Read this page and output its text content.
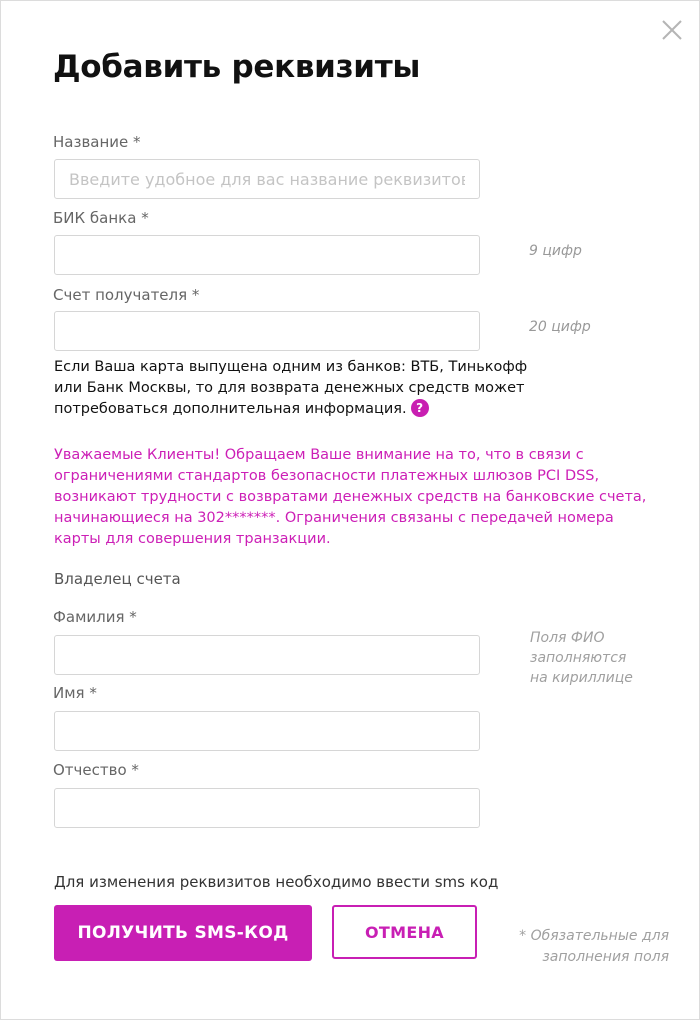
Добавить реквизиты
Название *
Введите удобное для вас название реквизитов
БИК банка *
9 цифр
Счет получателя *
20 цифр
Если Ваша карта выпущена одним из банков: ВТБ, Тинькофф
или Банк Москвы, то для возврата денежных средств может
потребоваться дополнительная информация. ?
Уважаемые Клиенты! Обращаем Ваше внимание на то, что в связи с
ограничениями стандартов безопасности платежных шлюзов PCI DSS,
возникают трудности с возвратами денежных средств на банковские счета,
начинающиеся на 302*******. Ограничения связаны с передачей номера
карты для совершения транзакции.
Владелец счета
Фамилия *
Поля ФИО
заполняются
на кириллице
Имя *
Отчество *
Для изменения реквизитов необходимо ввести sms код
ПОЛУЧИТЬ SMS-КОД	ОТМЕНА	* Обязательные для
заполнения поля
